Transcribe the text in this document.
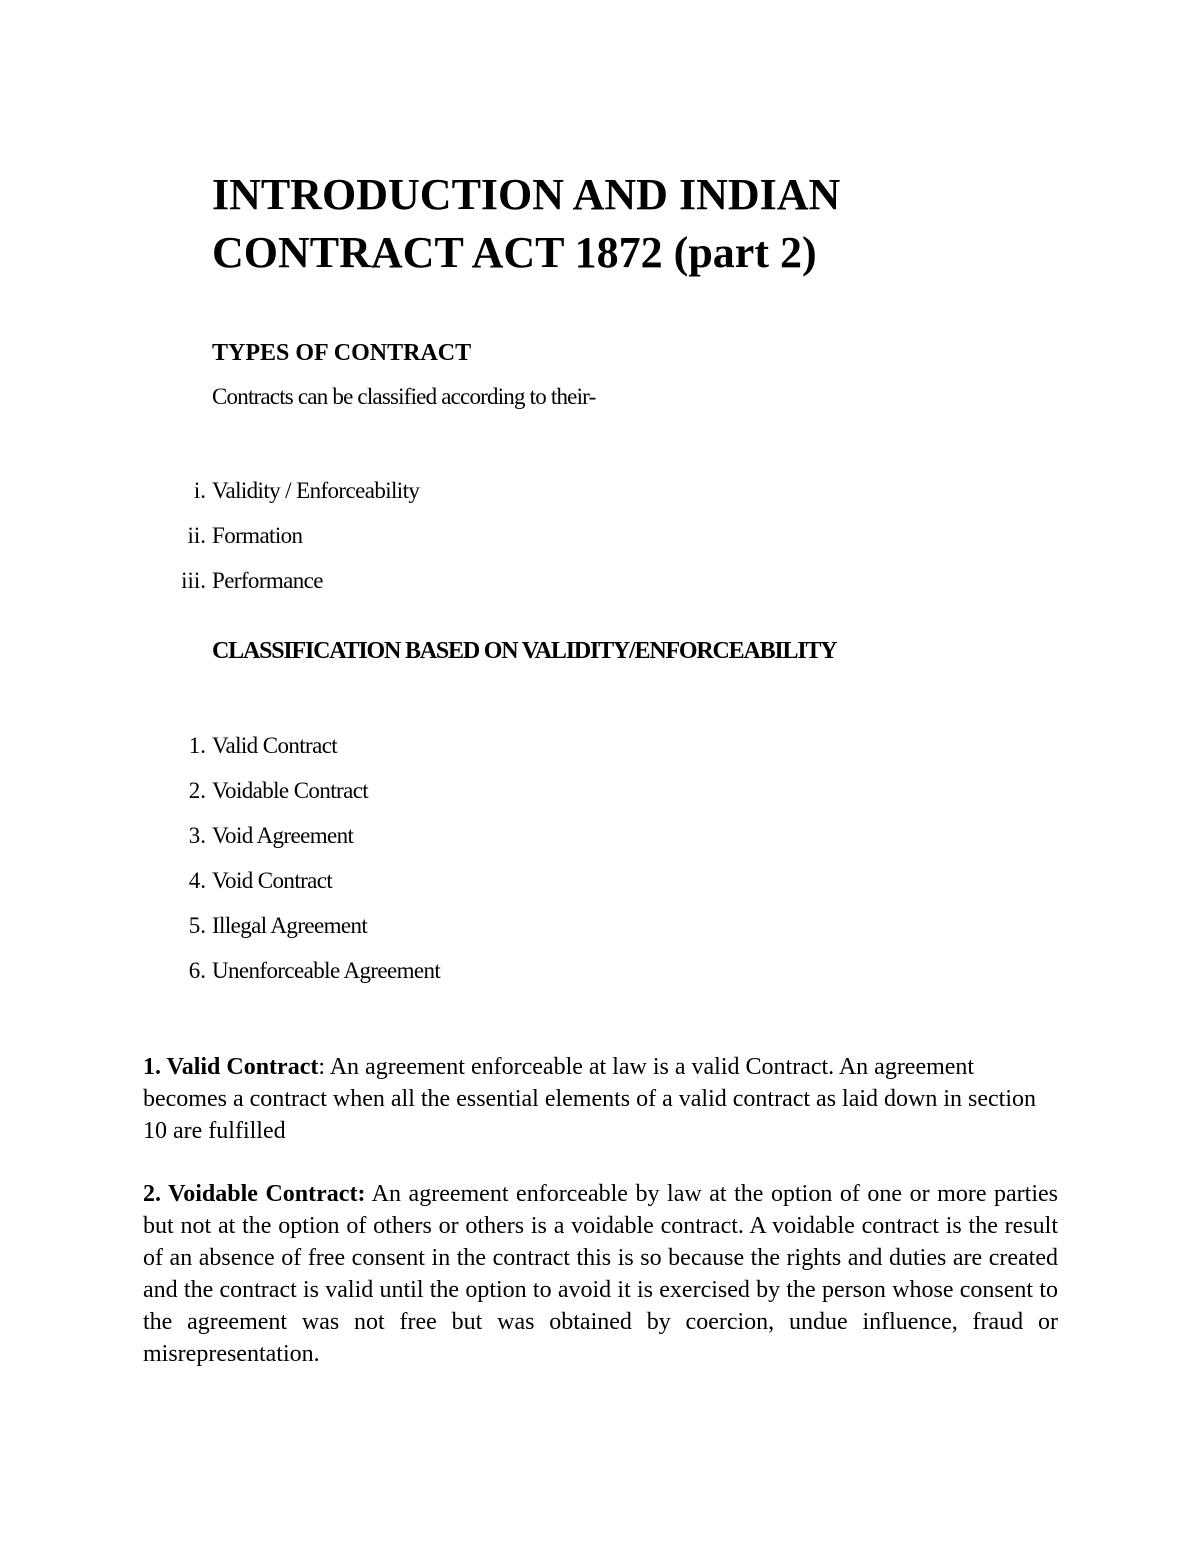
INTRODUCTION AND INDIAN
CONTRACT ACT 1872 (part 2)
TYPES OF CONTRACT

Contracts can be classified according to their-

i. Validity / Enforceability
ii. Formation
iii. Performance
CLASSIFICATION BASED ON VALIDITY/ENFORCEABILITY
1. Valid Contract
2. Voidable Contract
3. Void Agreement
4. Void Contract
5. Illegal Agreement
6. Unenforceable Agreement

1. Valid Contract: An agreement enforceable at law is a valid Contract. An agreement becomes a contract when all the essential elements of a valid contract as laid down in section 10 are fulfilled

2. Voidable Contract: An agreement enforceable by law at the option of one or more parties but not at the option of others or others is a voidable contract. A voidable contract is the result of an absence of free consent in the contract this is so because the rights and duties are created and the contract is valid until the option to avoid it is exercised by the person whose consent to the agreement was not free but was obtained by coercion, undue influence, fraud or misrepresentation.
